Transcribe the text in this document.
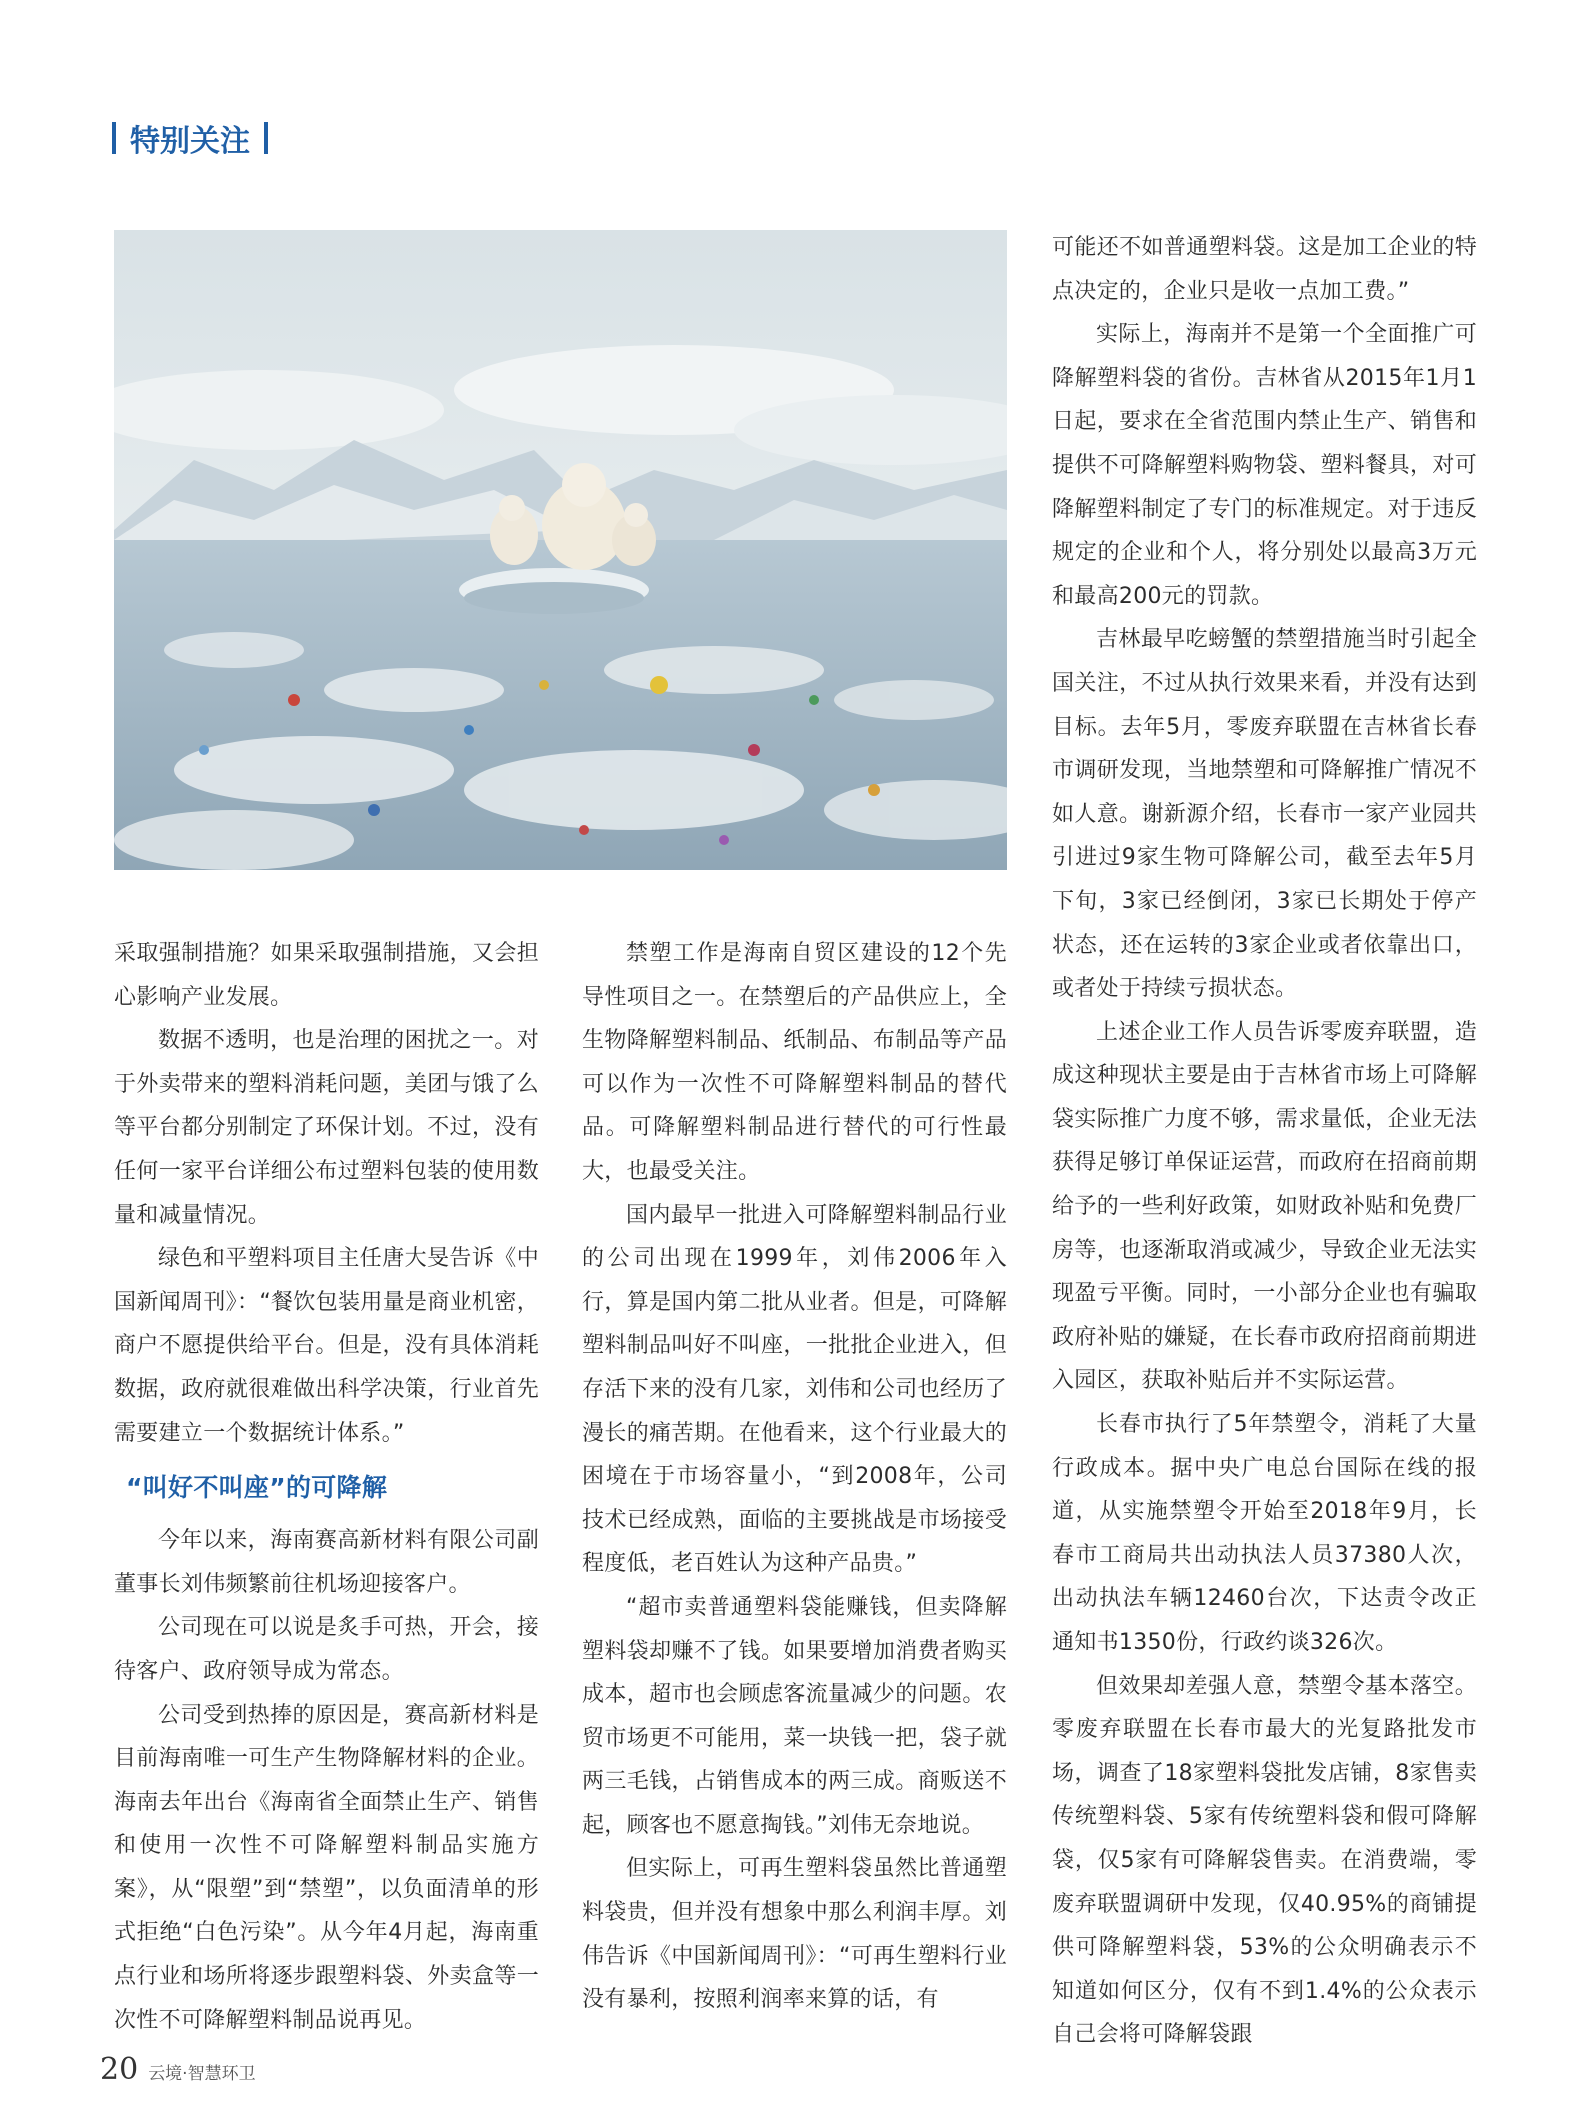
特别关注

采取强制措施？如果采取强制措施，又会担心影响产业发展。

数据不透明，也是治理的困扰之一。对于外卖带来的塑料消耗问题，美团与饿了么等平台都分别制定了环保计划。不过，没有任何一家平台详细公布过塑料包装的使用数量和减量情况。

绿色和平塑料项目主任唐大旻告诉《中国新闻周刊》：“餐饮包装用量是商业机密，商户不愿提供给平台。但是，没有具体消耗数据，政府就很难做出科学决策，行业首先需要建立一个数据统计体系。”

“叫好不叫座”的可降解

今年以来，海南赛高新材料有限公司副董事长刘伟频繁前往机场迎接客户。

公司现在可以说是炙手可热，开会，接待客户、政府领导成为常态。

公司受到热捧的原因是，赛高新材料是目前海南唯一可生产生物降解材料的企业。海南去年出台《海南省全面禁止生产、销售和使用一次性不可降解塑料制品实施方案》，从“限塑”到“禁塑”，以负面清单的形式拒绝“白色污染”。从今年4月起，海南重点行业和场所将逐步跟塑料袋、外卖盒等一次性不可降解塑料制品说再见。

禁塑工作是海南自贸区建设的12个先导性项目之一。在禁塑后的产品供应上，全生物降解塑料制品、纸制品、布制品等产品可以作为一次性不可降解塑料制品的替代品。可降解塑料制品进行替代的可行性最大，也最受关注。

国内最早一批进入可降解塑料制品行业的公司出现在1999年，刘伟2006年入行，算是国内第二批从业者。但是，可降解塑料制品叫好不叫座，一批批企业进入，但存活下来的没有几家，刘伟和公司也经历了漫长的痛苦期。在他看来，这个行业最大的困境在于市场容量小，“到2008年，公司技术已经成熟，面临的主要挑战是市场接受程度低，老百姓认为这种产品贵。”

“超市卖普通塑料袋能赚钱，但卖降解塑料袋却赚不了钱。如果要增加消费者购买成本，超市也会顾虑客流量减少的问题。农贸市场更不可能用，菜一块钱一把，袋子就两三毛钱，占销售成本的两三成。商贩送不起，顾客也不愿意掏钱。”刘伟无奈地说。

但实际上，可再生塑料袋虽然比普通塑料袋贵，但并没有想象中那么利润丰厚。刘伟告诉《中国新闻周刊》：“可再生塑料行业没有暴利，按照利润率来算的话，有

可能还不如普通塑料袋。这是加工企业的特点决定的，企业只是收一点加工费。”

实际上，海南并不是第一个全面推广可降解塑料袋的省份。吉林省从2015年1月1日起，要求在全省范围内禁止生产、销售和提供不可降解塑料购物袋、塑料餐具，对可降解塑料制定了专门的标准规定。对于违反规定的企业和个人，将分别处以最高3万元和最高200元的罚款。

吉林最早吃螃蟹的禁塑措施当时引起全国关注，不过从执行效果来看，并没有达到目标。去年5月，零废弃联盟在吉林省长春市调研发现，当地禁塑和可降解推广情况不如人意。谢新源介绍，长春市一家产业园共引进过9家生物可降解公司，截至去年5月下旬，3家已经倒闭，3家已长期处于停产状态，还在运转的3家企业或者依靠出口，或者处于持续亏损状态。

上述企业工作人员告诉零废弃联盟，造成这种现状主要是由于吉林省市场上可降解袋实际推广力度不够，需求量低，企业无法获得足够订单保证运营，而政府在招商前期给予的一些利好政策，如财政补贴和免费厂房等，也逐渐取消或减少，导致企业无法实现盈亏平衡。同时，一小部分企业也有骗取政府补贴的嫌疑，在长春市政府招商前期进入园区，获取补贴后并不实际运营。

长春市执行了5年禁塑令，消耗了大量行政成本。据中央广电总台国际在线的报道，从实施禁塑令开始至2018年9月，长春市工商局共出动执法人员37380人次，出动执法车辆12460台次，下达责令改正通知书1350份，行政约谈326次。

但效果却差强人意，禁塑令基本落空。零废弃联盟在长春市最大的光复路批发市场，调查了18家塑料袋批发店铺，8家售卖传统塑料袋、5家有传统塑料袋和假可降解袋，仅5家有可降解袋售卖。在消费端，零废弃联盟调研中发现，仅40.95%的商铺提供可降解塑料袋，53%的公众明确表示不知道如何区分，仅有不到1.4%的公众表示自己会将可降解袋跟

20 云境·智慧环卫
